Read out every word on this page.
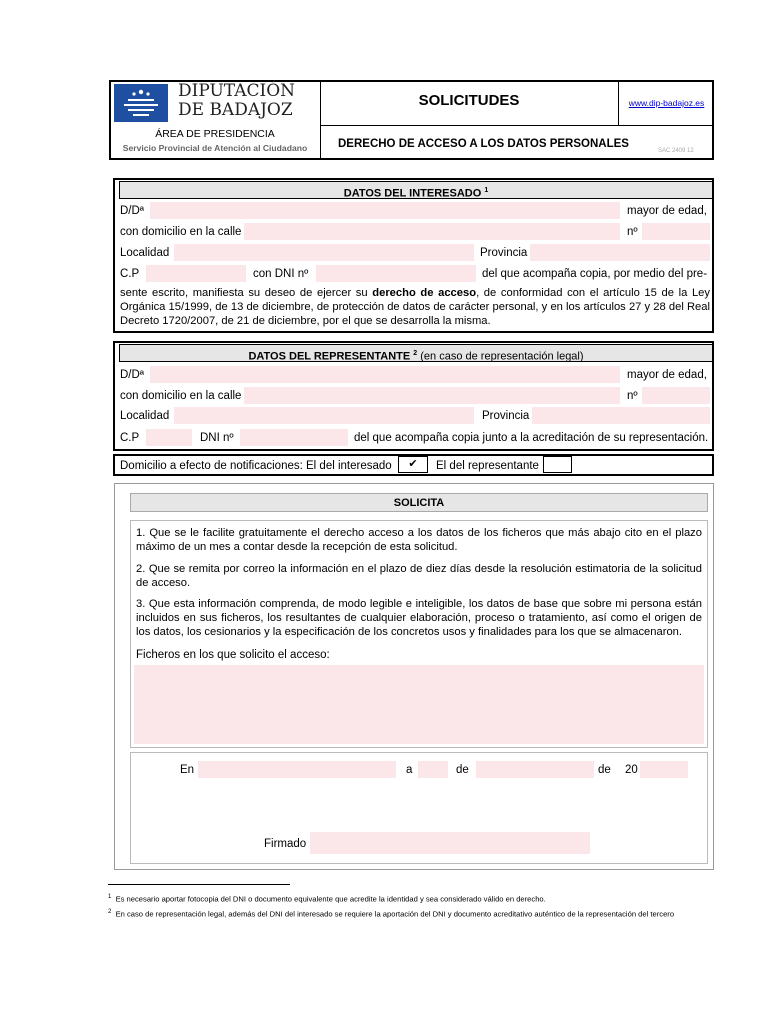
DIPUTACIÓN
DE BADAJOZ
ÁREA DE PRESIDENCIA
Servicio Provincial de Atención al Ciudadano
SOLICITUDES	www.dip-badajoz.es
DERECHO DE ACCESO A LOS DATOS PERSONALES
SAC 2409 12
DATOS DEL INTERESADO $^1$
D/Dª	mayor de edad,
con domicilio en la calle	nº
Localidad	Provincia
C.P	con DNI nº	del que acompaña copia, por medio del pre-
sente escrito, manifiesta su deseo de ejercer su derecho de acceso, de conformidad con el artículo 15 de la Ley Orgánica 15/1999, de 13 de diciembre, de protección de datos de carácter personal, y en los artículos 27 y 28 del Real Decreto 1720/2007, de 21 de diciembre, por el que se desarrolla la misma.
DATOS DEL REPRESENTANTE $^2$ (en caso de representación legal)
D/Dª	mayor de edad,
con domicilio en la calle	nº
Localidad	Provincia
C.P	DNI nº	del que acompaña copia junto a la acreditación de su representación.
Domicilio a efecto de notificaciones: El del interesado	✔	El del representante
SOLICITA
1. Que se le facilite gratuitamente el derecho acceso a los datos de los ficheros que más abajo cito en el plazo máximo de un mes a contar desde la recepción de esta solicitud.
2. Que se remita por correo la información en el plazo de diez días desde la resolución estimatoria de la solicitud de acceso.
3. Que esta información comprenda, de modo legible e inteligible, los datos de base que sobre mi persona están incluidos en sus ficheros, los resultantes de cualquier elaboración, proceso o tratamiento, así como el origen de los datos, los cesionarios y la especificación de los concretos usos y finalidades para los que se almacenaron.
Ficheros en los que solicito el acceso:
En	a	de	de 20
Firmado
$^1$ Es necesario aportar fotocopia del DNI o documento equivalente que acredite la identidad y sea considerado válido en derecho.
$^2$ En caso de representación legal, además del DNI del interesado se requiere la aportación del DNI y documento acreditativo auténtico de la representación del tercero
